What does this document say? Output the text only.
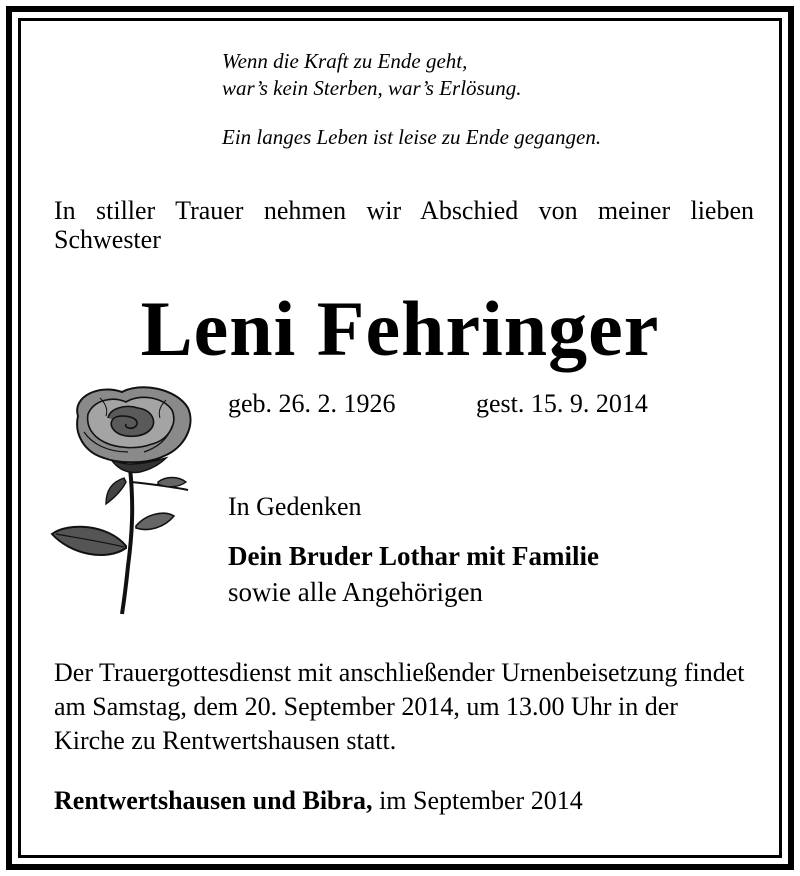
Wenn die Kraft zu Ende geht,

war’s kein Sterben, war’s Erlösung.

Ein langes Leben ist leise zu Ende gegangen.

In stiller Trauer nehmen wir Abschied von meiner lieben Schwester
Leni Fehringer
geb. 26. 2. 1926	gest. 15. 9. 2014
In Gedenken
Dein Bruder Lothar mit Familie
sowie alle Angehörigen
Der Trauergottesdienst mit anschließender Urnenbeisetzung findet am Samstag, dem 20. September 2014, um 13.00 Uhr in der Kirche zu Rentwertshausen statt.
Rentwertshausen und Bibra, im September 2014
